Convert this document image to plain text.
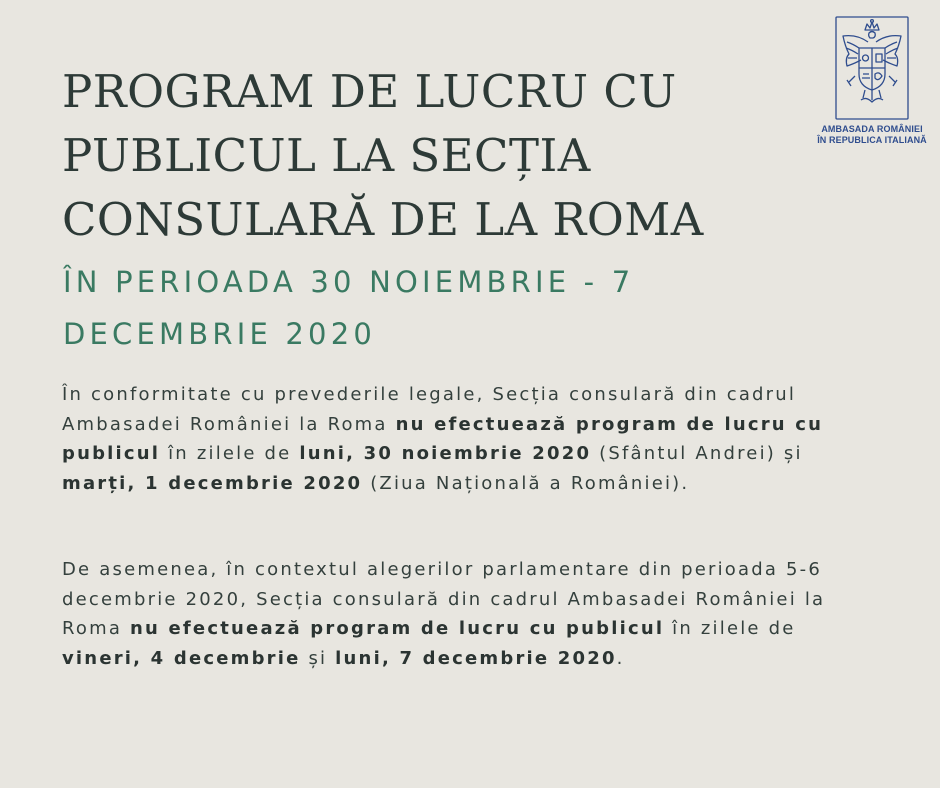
AMBASADA ROMÂNIEI
ÎN REPUBLICA ITALIANĂ
PROGRAM DE LUCRU CU
PUBLICUL LA SECȚIA
CONSULARĂ DE LA ROMA
ÎN PERIOADA 30 NOIEMBRIE - 7 DECEMBRIE 2020

În conformitate cu prevederile legale, Secția consulară din cadrul Ambasadei României la Roma nu efectuează program de lucru cu publicul în zilele de luni, 30 noiembrie 2020 (Sfântul Andrei) și marți, 1 decembrie 2020 (Ziua Națională a României).

De asemenea, în contextul alegerilor parlamentare din perioada 5-6 decembrie 2020, Secția consulară din cadrul Ambasadei României la Roma nu efectuează program de lucru cu publicul în zilele de vineri, 4 decembrie și luni, 7 decembrie 2020.
